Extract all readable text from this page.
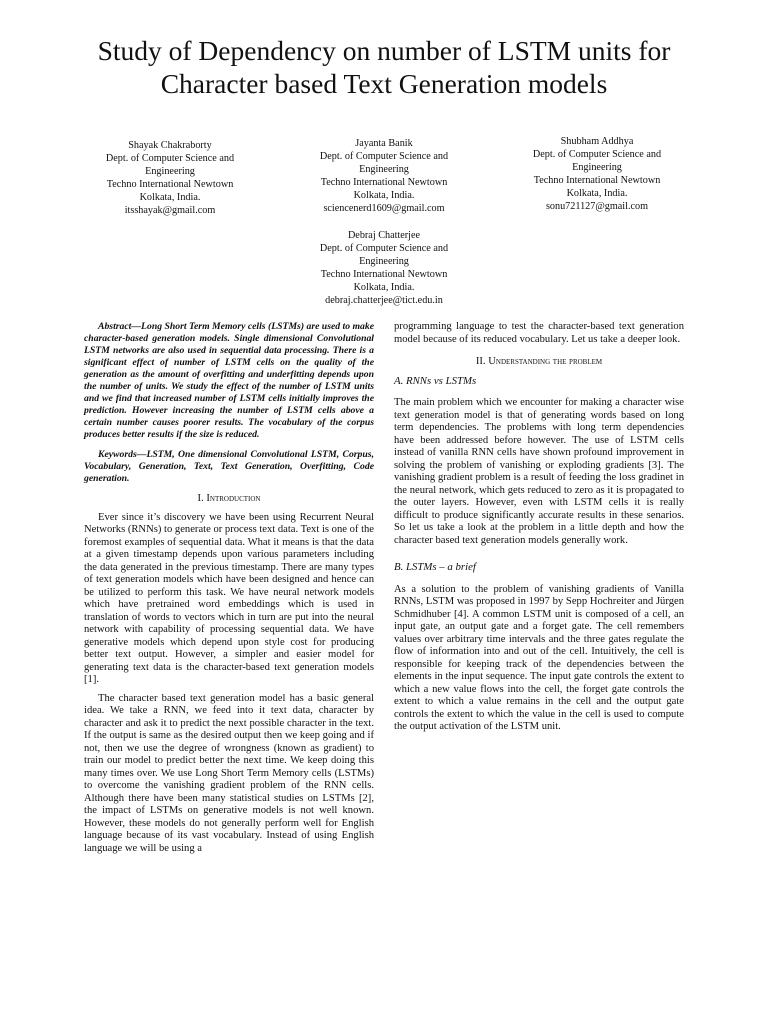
Study of Dependency on number of LSTM units for
Character based Text Generation models
Shayak Chakraborty
Dept. of Computer Science and
Engineering
Techno International Newtown
Kolkata, India.
itsshayak@gmail.com
Jayanta Banik
Dept. of Computer Science and
Engineering
Techno International Newtown
Kolkata, India.
sciencenerd1609@gmail.com
Shubham Addhya
Dept. of Computer Science and
Engineering
Techno International Newtown
Kolkata, India.
sonu721127@gmail.com
Debraj Chatterjee
Dept. of Computer Science and
Engineering
Techno International Newtown
Kolkata, India.
debraj.chatterjee@tict.edu.in

Abstract—Long Short Term Memory cells (LSTMs) are used to make character-based generation models. Single dimensional Convolutional LSTM networks are also used in sequential data processing. There is a significant effect of number of LSTM cells on the quality of the generation as the amount of overfitting and underfitting depends upon the number of units. We study the effect of the number of LSTM units and we find that increased number of LSTM cells initially improves the prediction. However increasing the number of LSTM cells above a certain number causes poorer results. The vocabulary of the corpus produces better results if the size is reduced.

Keywords—LSTM, One dimensional Convolutional LSTM, Corpus, Vocabulary, Generation, Text, Text Generation, Overfitting, Code generation.

I. Introduction

Ever since it’s discovery we have been using Recurrent Neural Networks (RNNs) to generate or process text data. Text is one of the foremost examples of sequential data. What it means is that the data at a given timestamp depends upon various parameters including the data generated in the previous timestamp. There are many types of text generation models which have been designed and hence can be utilized to perform this task. We have neural network models which have pretrained word embeddings which is used in translation of words to vectors which in turn are put into the neural network with capability of processing sequential data. We have generative models which depend upon style cost for producing better text output. However, a simpler and easier model for generating text data is the character-based text generation models [1].

The character based text generation model has a basic general idea. We take a RNN, we feed into it text data, character by character and ask it to predict the next possible character in the text. If the output is same as the desired output then we keep going and if not, then we use the degree of wrongness (known as gradient) to train our model to predict better the next time. We keep doing this many times over. We use Long Short Term Memory cells (LSTMs) to overcome the vanishing gradient problem of the RNN cells. Although there have been many statistical studies on LSTMs [2], the impact of LSTMs on generative models is not well known. However, these models do not generally perform well for English language because of its vast vocabulary. Instead of using English language we will be using a

programming language to test the character-based text generation model because of its reduced vocabulary. Let us take a deeper look.

II. Understanding the problem

A. RNNs vs LSTMs

The main problem which we encounter for making a character wise text generation model is that of generating words based on long term dependencies. The problems with long term dependencies have been addressed before however. The use of LSTM cells instead of vanilla RNN cells have shown profound improvement in solving the problem of vanishing or exploding gradients [3]. The vanishing gradient problem is a result of feeding the loss gradinet in the neural network, which gets reduced to zero as it is propagated to the outer layers. However, even with LSTM cells it is really difficult to produce significantly accurate results in these senarios. So let us take a look at the problem in a little depth and how the character based text generation models generally work.

B. LSTMs – a brief

As a solution to the problem of vanishing gradients of Vanilla RNNs, LSTM was proposed in 1997 by Sepp Hochreiter and Jürgen Schmidhuber [4]. A common LSTM unit is composed of a cell, an input gate, an output gate and a forget gate. The cell remembers values over arbitrary time intervals and the three gates regulate the flow of information into and out of the cell. Intuitively, the cell is responsible for keeping track of the dependencies between the elements in the input sequence. The input gate controls the extent to which a new value flows into the cell, the forget gate controls the extent to which a value remains in the cell and the output gate controls the extent to which the value in the cell is used to compute the output activation of the LSTM unit.
